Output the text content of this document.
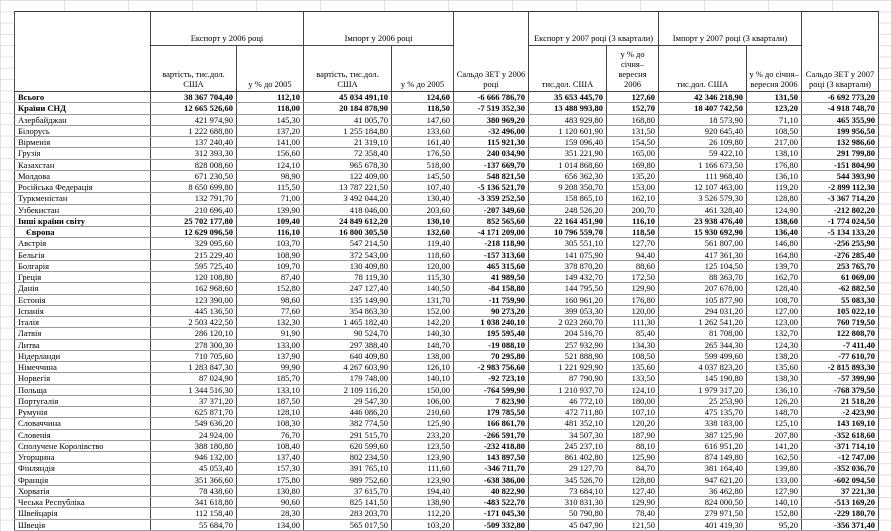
	Експорт у 2006 році		Імпорт у 2006 році		Сальдо ЗЕТ у 2006 році	Експорт у 2007 році (3 квартали)		Імпорт у 2007 році (3 квартали)		Сальдо ЗЕТ у 2007 році (3 квартали)
	вартість, тис.дол. США	у % до 2005	вартість, тис.дол. США	у % до 2005		тис.дол. США	у % до січня–вересня 2006	тис.дол. США	у % до січня–вересня 2006	
Всього	38 367 704,40	112,10	45 034 491,10	124,60	-6 666 786,70	35 653 445,70	127,60	42 346 218,90	131,50	-6 692 773,20
Країни СНД	12 665 526,60	118,00	20 184 878,90	118,50	-7 519 352,30	13 488 993,80	152,70	18 407 742,50	123,20	-4 918 748,70
Азербайджан	421 974,90	145,30	41 005,70	147,60	380 969,20	483 929,80	168,80	18 573,90	71,10	465 355,90
Білорусь	1 222 688,80	137,20	1 255 184,80	133,60	-32 496,00	1 120 601,90	131,50	920 645,40	108,50	199 956,50
Вірменія	137 240,40	141,00	21 319,10	161,40	115 921,30	159 096,40	154,50	26 109,80	217,00	132 986,60
Грузія	312 393,30	156,60	72 358,40	176,50	240 034,90	351 221,90	165,00	59 422,10	138,10	291 799,80
Казахстан	828 008,60	124,10	965 678,30	518,00	-137 669,70	1 014 868,60	169,80	1 166 673,50	176,80	-151 804,90
Молдова	671 230,50	98,90	122 409,00	145,50	548 821,50	656 362,30	135,20	111 968,40	136,10	544 393,90
Російська Федерація	8 650 699,80	115,50	13 787 221,50	107,40	-5 136 521,70	9 208 350,70	153,00	12 107 463,00	119,20	-2 899 112,30
Туркменістан	132 791,70	71,00	3 492 044,20	130,40	-3 359 252,50	158 865,10	162,10	3 526 579,30	128,80	-3 367 714,20
Узбекистан	210 696,40	139,90	418 046,00	203,60	-207 349,60	248 526,20	200,70	461 328,40	124,90	-212 802,20
Інші країни світу	25 702 177,80	109,40	24 849 612,20	130,10	852 565,60	22 164 451,90	116,10	23 938 476,40	138,60	-1 774 024,50
Європа	12 629 096,50	116,10	16 800 305,50	132,60	-4 171 209,00	10 796 559,70	118,50	15 930 692,90	136,40	-5 134 133,20
Австрія	329 095,60	103,70	547 214,50	119,40	-218 118,90	305 551,10	127,70	561 807,00	146,80	-256 255,90
Бельгія	215 229,40	108,90	372 543,00	118,60	-157 313,60	141 075,90	94,40	417 361,30	164,80	-276 285,40
Болгарія	595 725,40	109,70	130 409,80	120,00	465 315,60	378 870,20	88,60	125 104,50	139,70	253 765,70
Греція	120 108,80	87,40	78 119,30	115,30	41 989,50	149 432,70	172,50	88 363,70	162,70	61 069,00
Данія	162 968,60	152,80	247 127,40	140,50	-84 158,80	144 795,50	129,90	207 678,00	128,40	-62 882,50
Естонія	123 390,00	98,60	135 149,90	131,70	-11 759,90	160 961,20	176,80	105 877,90	108,70	55 083,30
Іспанія	445 136,50	77,60	354 863,30	152,00	90 273,20	399 053,30	120,00	294 031,20	127,00	105 022,10
Італія	2 503 422,50	132,30	1 465 182,40	142,20	1 038 240,10	2 023 260,70	111,30	1 262 541,20	123,00	760 719,50
Латвія	286 120,10	91,90	90 524,70	140,30	195 595,40	204 516,70	85,40	81 708,00	132,70	122 808,70
Литва	278 300,30	133,00	297 388,40	148,70	-19 088,10	257 932,90	134,30	265 344,30	124,30	-7 411,40
Нідерланди	710 705,60	137,90	640 409,80	138,00	70 295,80	521 888,90	108,50	599 499,60	138,20	-77 610,70
Німеччина	1 283 847,30	99,90	4 267 603,90	126,10	-2 983 756,60	1 221 929,90	135,60	4 037 823,20	135,60	-2 815 893,30
Норвегія	87 024,90	185,70	179 748,00	140,10	-92 723,10	87 790,90	133,50	145 190,80	138,30	-57 399,90
Польща	1 344 516,30	133,10	2 109 116,20	150,00	-764 599,90	1 210 937,70	124,10	1 979 317,20	136,10	-768 379,50
Португалія	37 371,20	187,50	29 547,30	106,00	7 823,90	46 772,10	180,00	25 253,90	126,20	21 518,20
Румунія	625 871,70	128,10	446 086,20	210,60	179 785,50	472 711,80	107,10	475 135,70	148,70	-2 423,90
Словаччина	549 636,20	108,30	382 774,50	125,90	166 861,70	481 352,10	120,20	338 183,00	125,10	143 169,10
Словенія	24 924,00	76,70	291 515,70	233,20	-266 591,70	34 507,30	187,90	387 125,90	207,80	-352 618,60
Сполучене Королівство	388 180,80	108,40	620 599,60	123,50	-232 418,80	245 237,10	88,10	616 951,20	141,20	-371 714,10
Угорщина	946 132,00	137,40	802 234,50	123,90	143 897,50	861 402,80	125,90	874 149,80	162,50	-12 747,00
Фінляндія	45 053,40	157,30	391 765,10	111,60	-346 711,70	29 127,70	84,70	381 164,40	139,80	-352 036,70
Франція	351 366,60	175,80	989 752,60	123,90	-638 386,00	345 526,70	128,80	947 621,20	133,00	-602 094,50
Хорватія	78 438,60	130,80	37 615,70	194,40	40 822,90	73 684,10	127,40	36 462,80	127,90	37 221,30
Чеська Республіка	341 618,80	90,60	825 141,50	138,90	-483 522,70	310 831,30	129,90	824 000,50	140,10	-513 169,20
Швейцарія	112 158,40	28,30	283 203,70	112,20	-171 045,30	50 790,80	78,40	279 971,50	152,80	-229 180,70
Швеція	55 684,70	134,00	565 017,50	103,20	-509 332,80	45 047,90	121,50	401 419,30	95,20	-356 371,40
